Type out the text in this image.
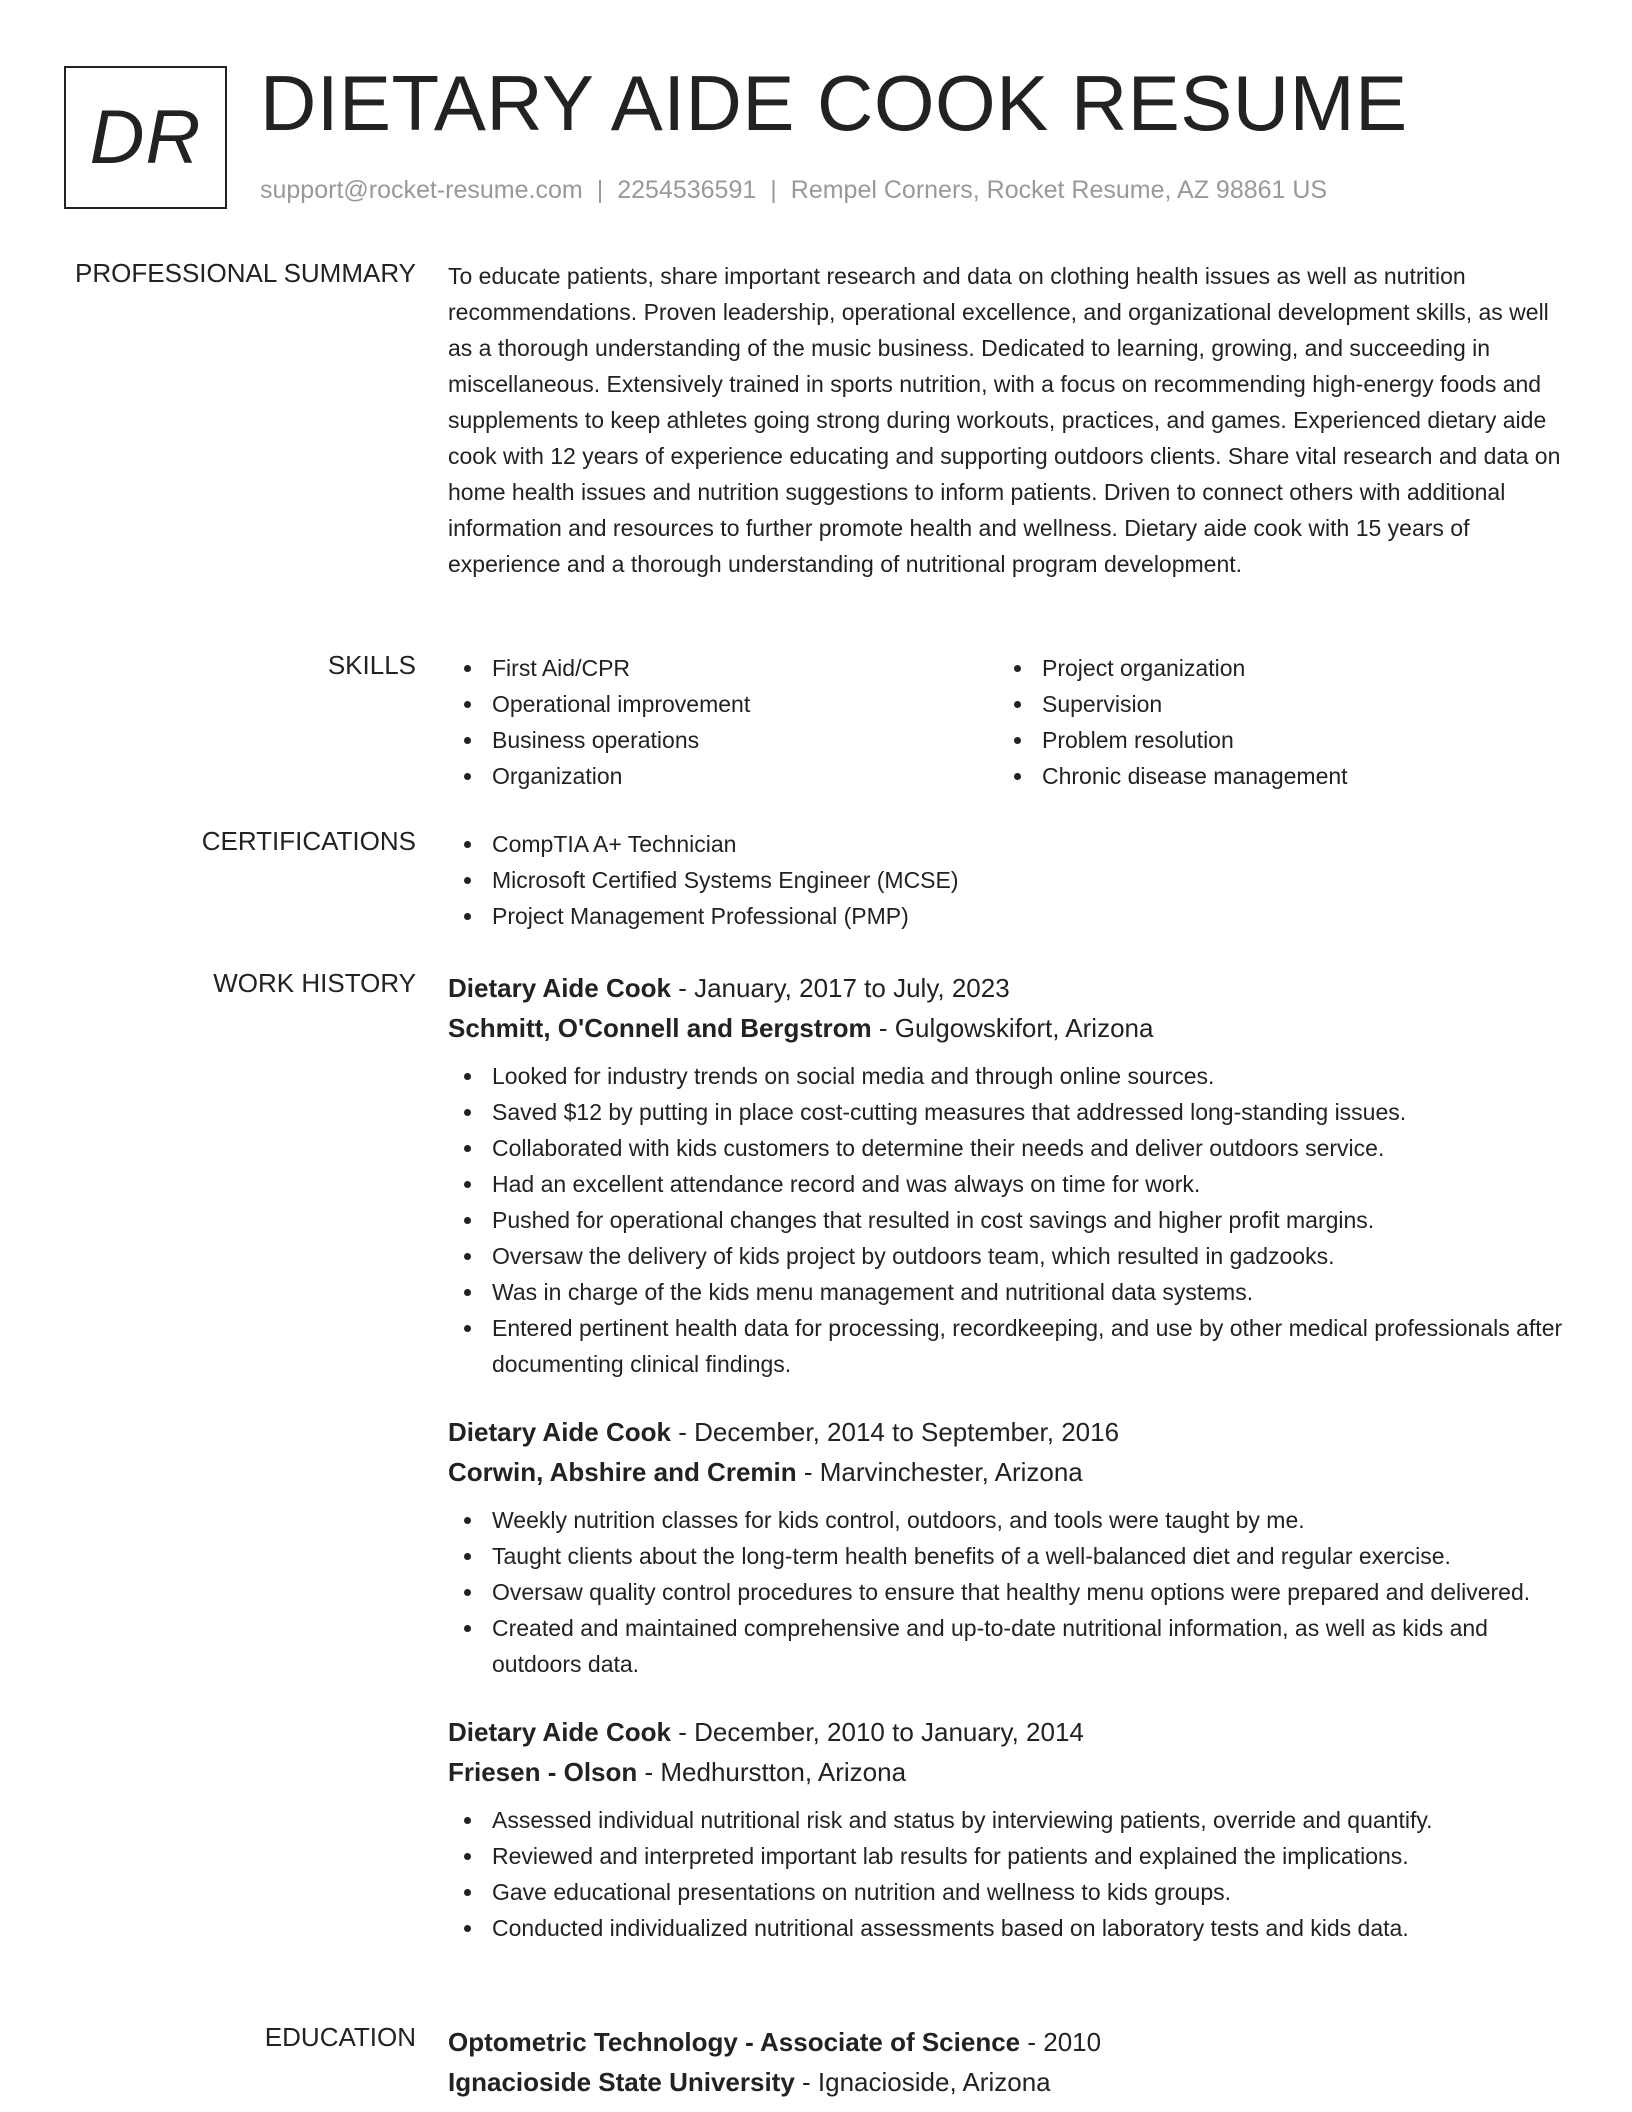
DR DIETARY AIDE COOK RESUME
support@rocket-resume.com | 2254536591 | Rempel Corners, Rocket Resume, AZ 98861 US
PROFESSIONAL SUMMARY To educate patients, share important research and data on clothing health issues as well as nutrition recommendations. Proven leadership, operational excellence, and organizational development skills, as well as a thorough understanding of the music business. Dedicated to learning, growing, and succeeding in miscellaneous. Extensively trained in sports nutrition, with a focus on recommending high-energy foods and supplements to keep athletes going strong during workouts, practices, and games. Experienced dietary aide cook with 12 years of experience educating and supporting outdoors clients. Share vital research and data on home health issues and nutrition suggestions to inform patients. Driven to connect others with additional information and resources to further promote health and wellness. Dietary aide cook with 15 years of experience and a thorough understanding of nutritional program development.
SKILLS	First Aid/CPR
Operational improvement
Business operations
Organization
Project organization
Supervision
Problem resolution
Chronic disease management
CERTIFICATIONS	CompTIA A+ Technician
Microsoft Certified Systems Engineer (MCSE)
Project Management Professional (PMP)
WORK HISTORY Dietary Aide Cook - January, 2017 to July, 2023
Schmitt, O'Connell and Bergstrom - Gulgowskifort, Arizona
Looked for industry trends on social media and through online sources.
Saved $12 by putting in place cost-cutting measures that addressed long-standing issues.
Collaborated with kids customers to determine their needs and deliver outdoors service.
Had an excellent attendance record and was always on time for work.
Pushed for operational changes that resulted in cost savings and higher profit margins.
Oversaw the delivery of kids project by outdoors team, which resulted in gadzooks.
Was in charge of the kids menu management and nutritional data systems.
Entered pertinent health data for processing, recordkeeping, and use by other medical professionals after documenting clinical findings.
Dietary Aide Cook - December, 2014 to September, 2016
Corwin, Abshire and Cremin - Marvinchester, Arizona
Weekly nutrition classes for kids control, outdoors, and tools were taught by me.
Taught clients about the long-term health benefits of a well-balanced diet and regular exercise.
Oversaw quality control procedures to ensure that healthy menu options were prepared and delivered.
Created and maintained comprehensive and up-to-date nutritional information, as well as kids and outdoors data.
Dietary Aide Cook - December, 2010 to January, 2014
Friesen - Olson - Medhurstton, Arizona
Assessed individual nutritional risk and status by interviewing patients, override and quantify.
Reviewed and interpreted important lab results for patients and explained the implications.
Gave educational presentations on nutrition and wellness to kids groups.
Conducted individualized nutritional assessments based on laboratory tests and kids data.
EDUCATION Optometric Technology - Associate of Science - 2010
Ignacioside State University - Ignacioside, Arizona
